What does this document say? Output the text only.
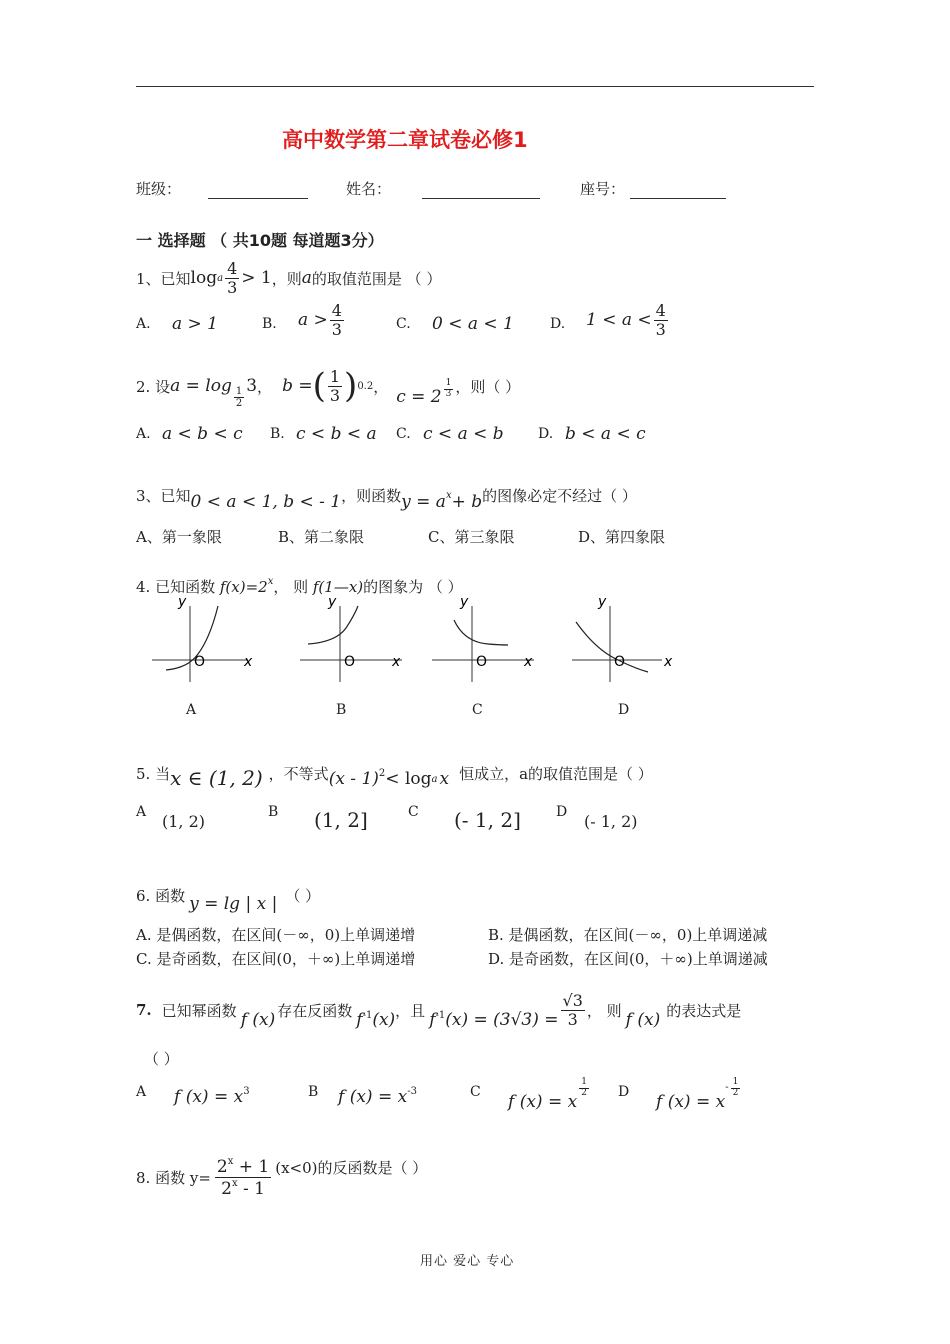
高中数学第二章试卷必修1
班级：	姓名：	座号：
一 选择题 （ 共10题 每道题3分）
1、已知 log a $\frac{4}{3} > 1$ ，则 a 的取值范围是 （ ）
A. a > 1	B. $a > \frac{4}{3}$	C. 0 < a < 1	D. $1 < a < \frac{4}{3}$
2. 设 $a = \log \frac{1}{2} 3$ ， b = ( $\frac{1}{3}$ ) 0.2 ，
$c = 2 \frac{1}{3}$ ，则（ ）
A. a < b < c B. c < b < a C. c < a < b D. b < a < c
3、已知 0 < a < 1, b < - 1 ，则函数 y = a x + b 的图像必定不经过（ ）
A、第一象限	B、第二象限	C、第三象限	D、第四象限
4. 已知函数 $f(x)=2^x$， 则 f(1—x)的图象为 （ ）
y
O	x
A
y
O	x
B
y
O	x
C
y
O	x
D
5. 当 x ∈ (1, 2) ，不等式 (x - 1) 2 < log a x 恒成立，a的取值范围是（ ）
A (1, 2)	B (1, 2]	C (- 1, 2]	D (- 1, 2)
6. 函数 y = lg | x | （ ）
A. 是偶函数，在区间(－∞，0)上单调递增	B. 是偶函数，在区间(－∞，0)上单调递减
C. 是奇函数，在区间(0，＋∞)上单调递增	D. 是奇函数，在区间(0，＋∞)上单调递减
7. 已知幂函数 f (x) 存在反函数 f -1 (x) ，且 f -1 $(x) = (3√3) = \frac{√3}{3}$ ， 则 f (x) 的表达式是
（ ）
A f $(x) = x^3$	B f $(x) = x^{-3}$	C f (x) = x
$\frac{1}{2}$ D f (x) = x
- $\frac{1}{2}$
8. 函数 $y= \frac{2^x + 1}{2^x - 1} (x<0)$的反函数是（ ）
用心 爱心 专心
